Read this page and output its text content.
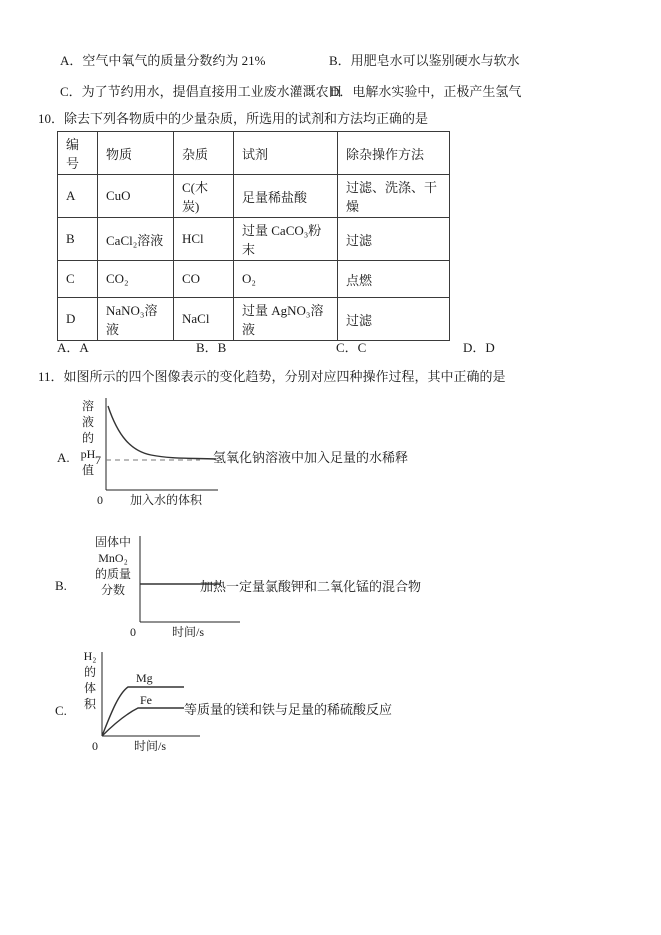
A．空气中氧气的质量分数约为 21%	B．用肥皂水可以鉴别硬水与软水
C．为了节约用水，提倡直接用工业废水灌溉农田
D．电解水实验中，正极产生氢气
10．除去下列各物质中的少量杂质，所选用的试剂和方法均正确的是
编号	物质	杂质	试剂	除杂操作方法
A	CuO	C(木炭)	足量稀盐酸	过滤、洗涤、干燥
B	CaCl₂溶液	HCl	过量 CaCO₃粉末	过滤
C	CO₂	CO	O₂	点燃
D	NaNO₃溶液	NaCl	过量 AgNO₃溶液	过滤
A．A	B．B	C．C	D．D
11．如图所示的四个图像表示的变化趋势，分别对应四种操作过程，其中正确的是
A.
溶
液
的
pH
值
7
0 加入水的体积
氢氧化钠溶液中加入足量的水稀释
B.
固体中
MnO₂
的质量
分数
0	时间/s
加热一定量氯酸钾和二氧化锰的混合物
C.
H₂
的
体
积
Mg
Fe
0	时间/s
等质量的镁和铁与足量的稀硫酸反应
